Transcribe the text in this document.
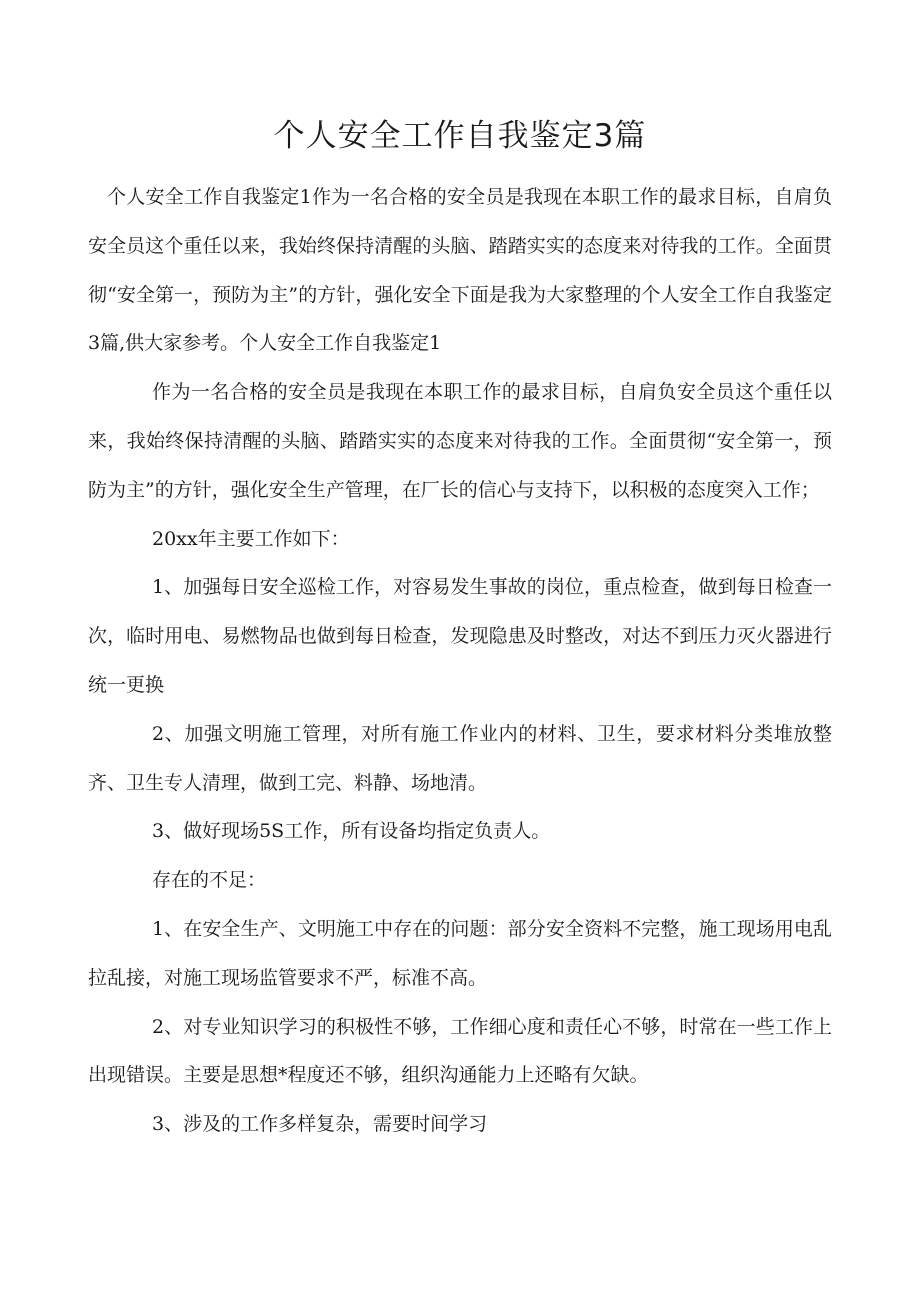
个人安全工作自我鉴定3篇

个人安全工作自我鉴定1作为一名合格的安全员是我现在本职工作的最求目标，自肩负安全员这个重任以来，我始终保持清醒的头脑、踏踏实实的态度来对待我的工作。全面贯彻“安全第一，预防为主”的方针，强化安全下面是我为大家整理的个人安全工作自我鉴定3篇,供大家参考。个人安全工作自我鉴定1

作为一名合格的安全员是我现在本职工作的最求目标，自肩负安全员这个重任以来，我始终保持清醒的头脑、踏踏实实的态度来对待我的工作。全面贯彻“安全第一，预防为主”的方针，强化安全生产管理，在厂长的信心与支持下，以积极的态度突入工作；

20xx年主要工作如下：

1、加强每日安全巡检工作，对容易发生事故的岗位，重点检查，做到每日检查一次，临时用电、易燃物品也做到每日检查，发现隐患及时整改，对达不到压力灭火器进行统一更换

2、加强文明施工管理，对所有施工作业内的材料、卫生，要求材料分类堆放整齐、卫生专人清理，做到工完、料静、场地清。

3、做好现场5S工作，所有设备均指定负责人。

存在的不足：

1、在安全生产、文明施工中存在的问题：部分安全资料不完整，施工现场用电乱拉乱接，对施工现场监管要求不严，标准不高。

2、对专业知识学习的积极性不够，工作细心度和责任心不够，时常在一些工作上出现错误。主要是思想*程度还不够，组织沟通能力上还略有欠缺。

3、涉及的工作多样复杂，需要时间学习
